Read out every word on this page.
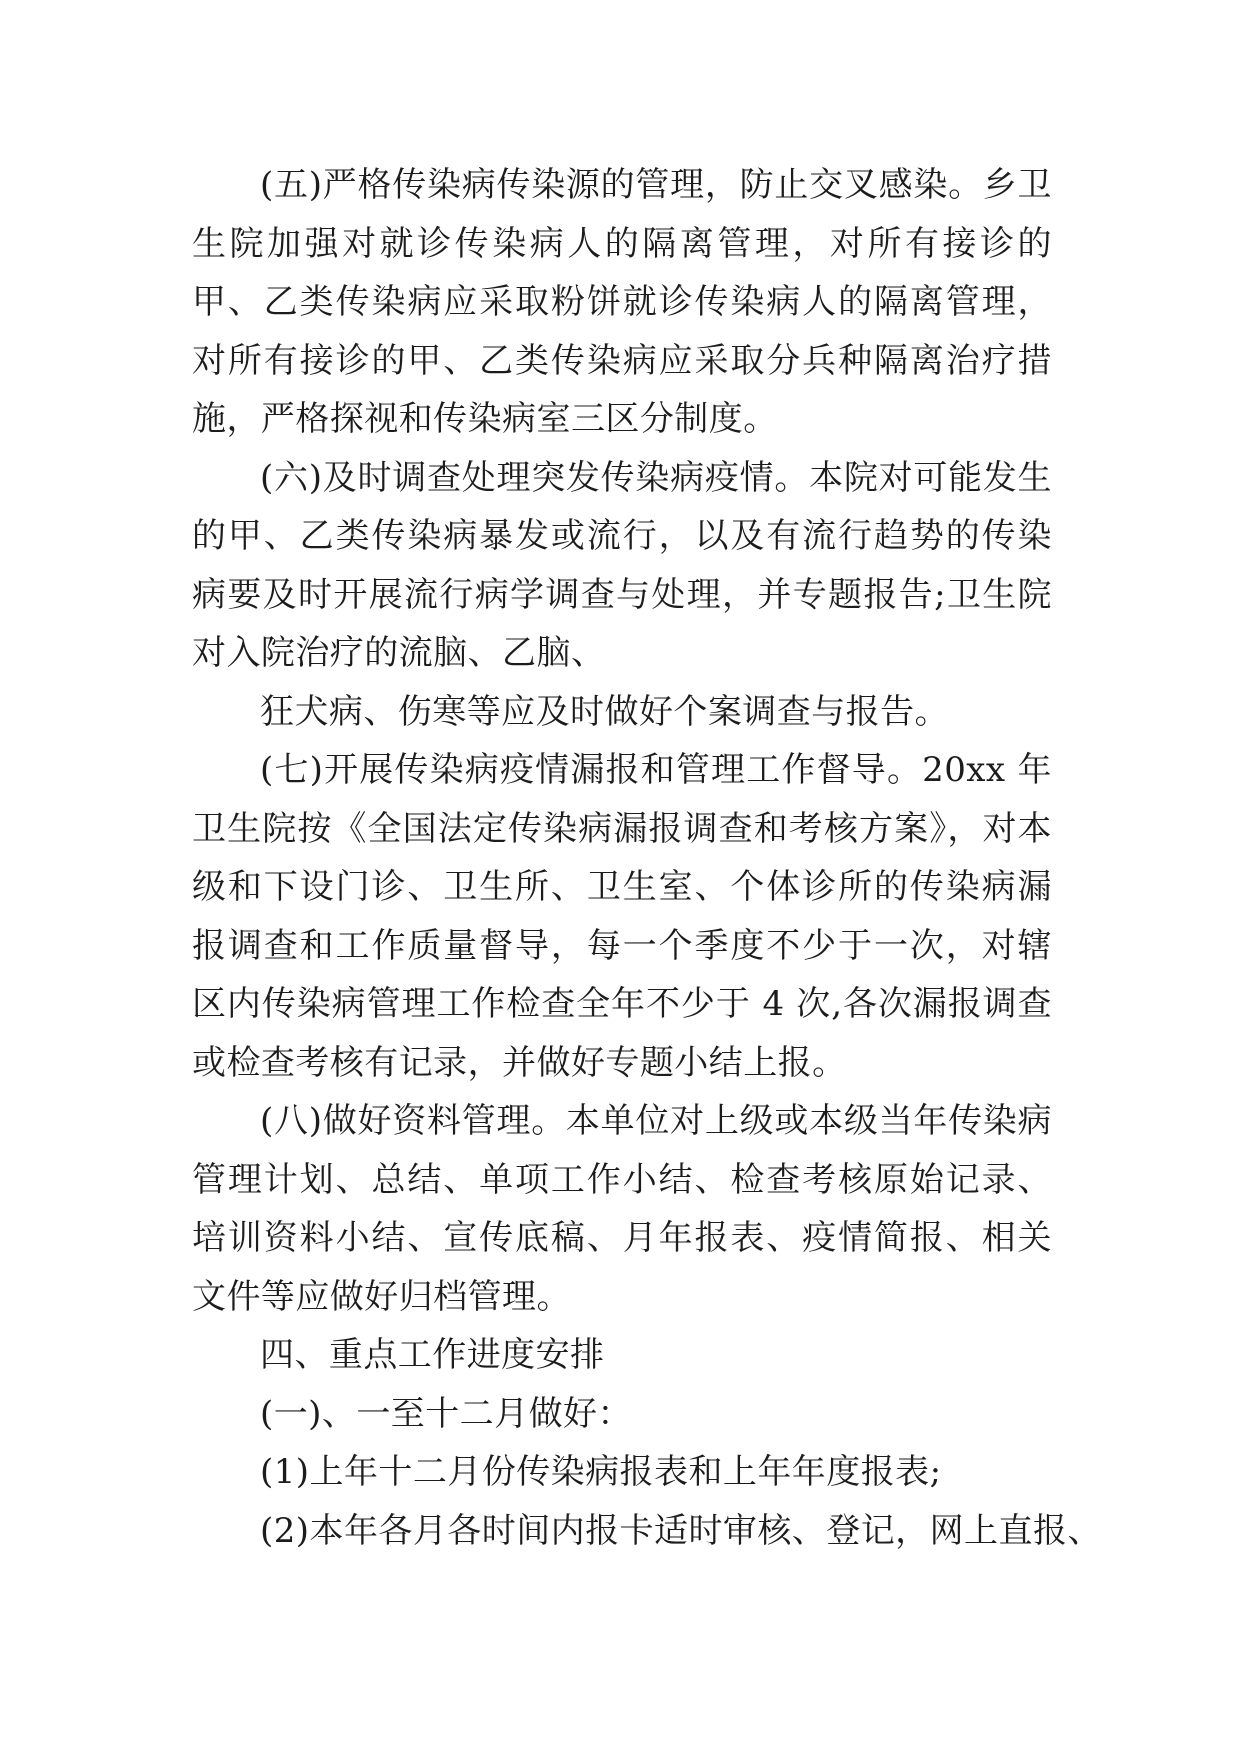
(五)严格传染病传染源的管理，防止交叉感染。乡卫生院加强对就诊传染病人的隔离管理，对所有接诊的甲、乙类传染病应采取粉饼就诊传染病人的隔离管理，对所有接诊的甲、乙类传染病应采取分兵种隔离治疗措施，严格探视和传染病室三区分制度。

(六)及时调查处理突发传染病疫情。本院对可能发生的甲、乙类传染病暴发或流行，以及有流行趋势的传染病要及时开展流行病学调查与处理，并专题报告;卫生院对入院治疗的流脑、乙脑、

狂犬病、伤寒等应及时做好个案调查与报告。

(七)开展传染病疫情漏报和管理工作督导。20xx 年卫生院按《全国法定传染病漏报调查和考核方案》，对本级和下设门诊、卫生所、卫生室、个体诊所的传染病漏报调查和工作质量督导，每一个季度不少于一次，对辖区内传染病管理工作检查全年不少于 4 次,各次漏报调查或检查考核有记录，并做好专题小结上报。

(八)做好资料管理。本单位对上级或本级当年传染病管理计划、总结、单项工作小结、检查考核原始记录、培训资料小结、宣传底稿、月年报表、疫情简报、相关文件等应做好归档管理。

四、重点工作进度安排

(一)、一至十二月做好：

(1)上年十二月份传染病报表和上年年度报表;

(2)本年各月各时间内报卡适时审核、登记，网上直报、
